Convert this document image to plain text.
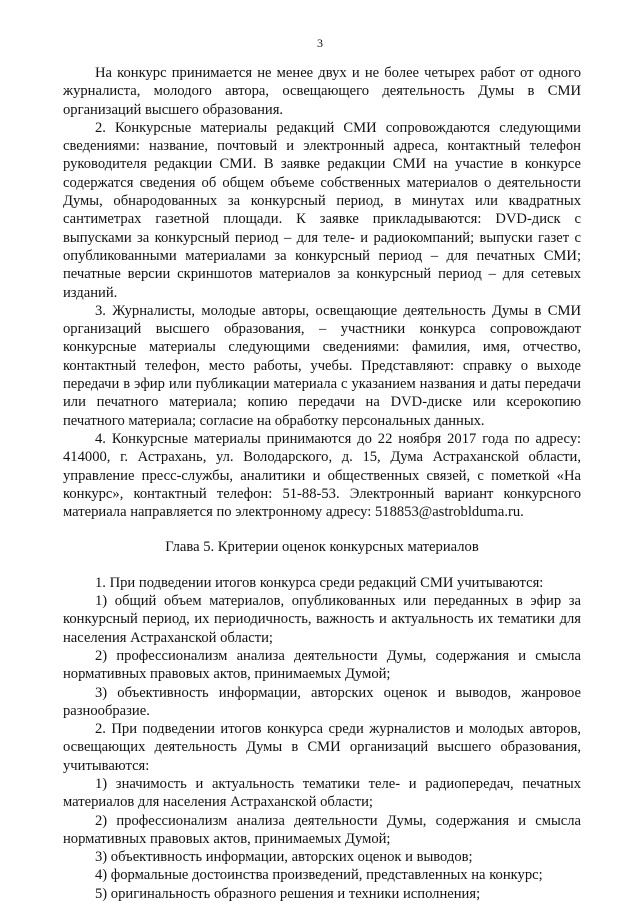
3

На конкурс принимается не менее двух и не более четырех работ от одного журналиста, молодого автора, освещающего деятельность Думы в СМИ организаций высшего образования.

2. Конкурсные материалы редакций СМИ сопровождаются следующими сведениями: название, почтовый и электронный адреса, контактный телефон руководителя редакции СМИ. В заявке редакции СМИ на участие в конкурсе содержатся сведения об общем объеме собственных материалов о деятельности Думы, обнародованных за конкурсный период, в минутах или квадратных сантиметрах газетной площади. К заявке прикладываются: DVD-диск с выпусками за конкурсный период – для теле- и радиокомпаний; выпуски газет с опубликованными материалами за конкурсный период – для печатных СМИ; печатные версии скриншотов материалов за конкурсный период – для сетевых изданий.

3. Журналисты, молодые авторы, освещающие деятельность Думы в СМИ организаций высшего образования, – участники конкурса сопровождают конкурсные материалы следующими сведениями: фамилия, имя, отчество, контактный телефон, место работы, учебы. Представляют: справку о выходе передачи в эфир или публикации материала с указанием названия и даты передачи или печатного материала; копию передачи на DVD-диске или ксерокопию печатного материала; согласие на обработку персональных данных.

4. Конкурсные материалы принимаются до 22 ноября 2017 года по адресу: 414000, г. Астрахань, ул. Володарского, д. 15, Дума Астраханской области, управление пресс-службы, аналитики и общественных связей, с пометкой «На конкурс», контактный телефон: 51-88-53. Электронный вариант конкурсного материала направляется по электронному адресу: 518853@astrobldumа.ru.

Глава 5. Критерии оценок конкурсных материалов

1. При подведении итогов конкурса среди редакций СМИ учитываются:

1) общий объем материалов, опубликованных или переданных в эфир за конкурсный период, их периодичность, важность и актуальность их тематики для населения Астраханской области;

2) профессионализм анализа деятельности Думы, содержания и смысла нормативных правовых актов, принимаемых Думой;

3) объективность информации, авторских оценок и выводов, жанровое разнообразие.

2. При подведении итогов конкурса среди журналистов и молодых авторов, освещающих деятельность Думы в СМИ организаций высшего образования, учитываются:

1) значимость и актуальность тематики теле- и радиопередач, печатных материалов для населения Астраханской области;

2) профессионализм анализа деятельности Думы, содержания и смысла нормативных правовых актов, принимаемых Думой;

3) объективность информации, авторских оценок и выводов;

4) формальные достоинства произведений, представленных на конкурс;

5) оригинальность образного решения и техники исполнения;
